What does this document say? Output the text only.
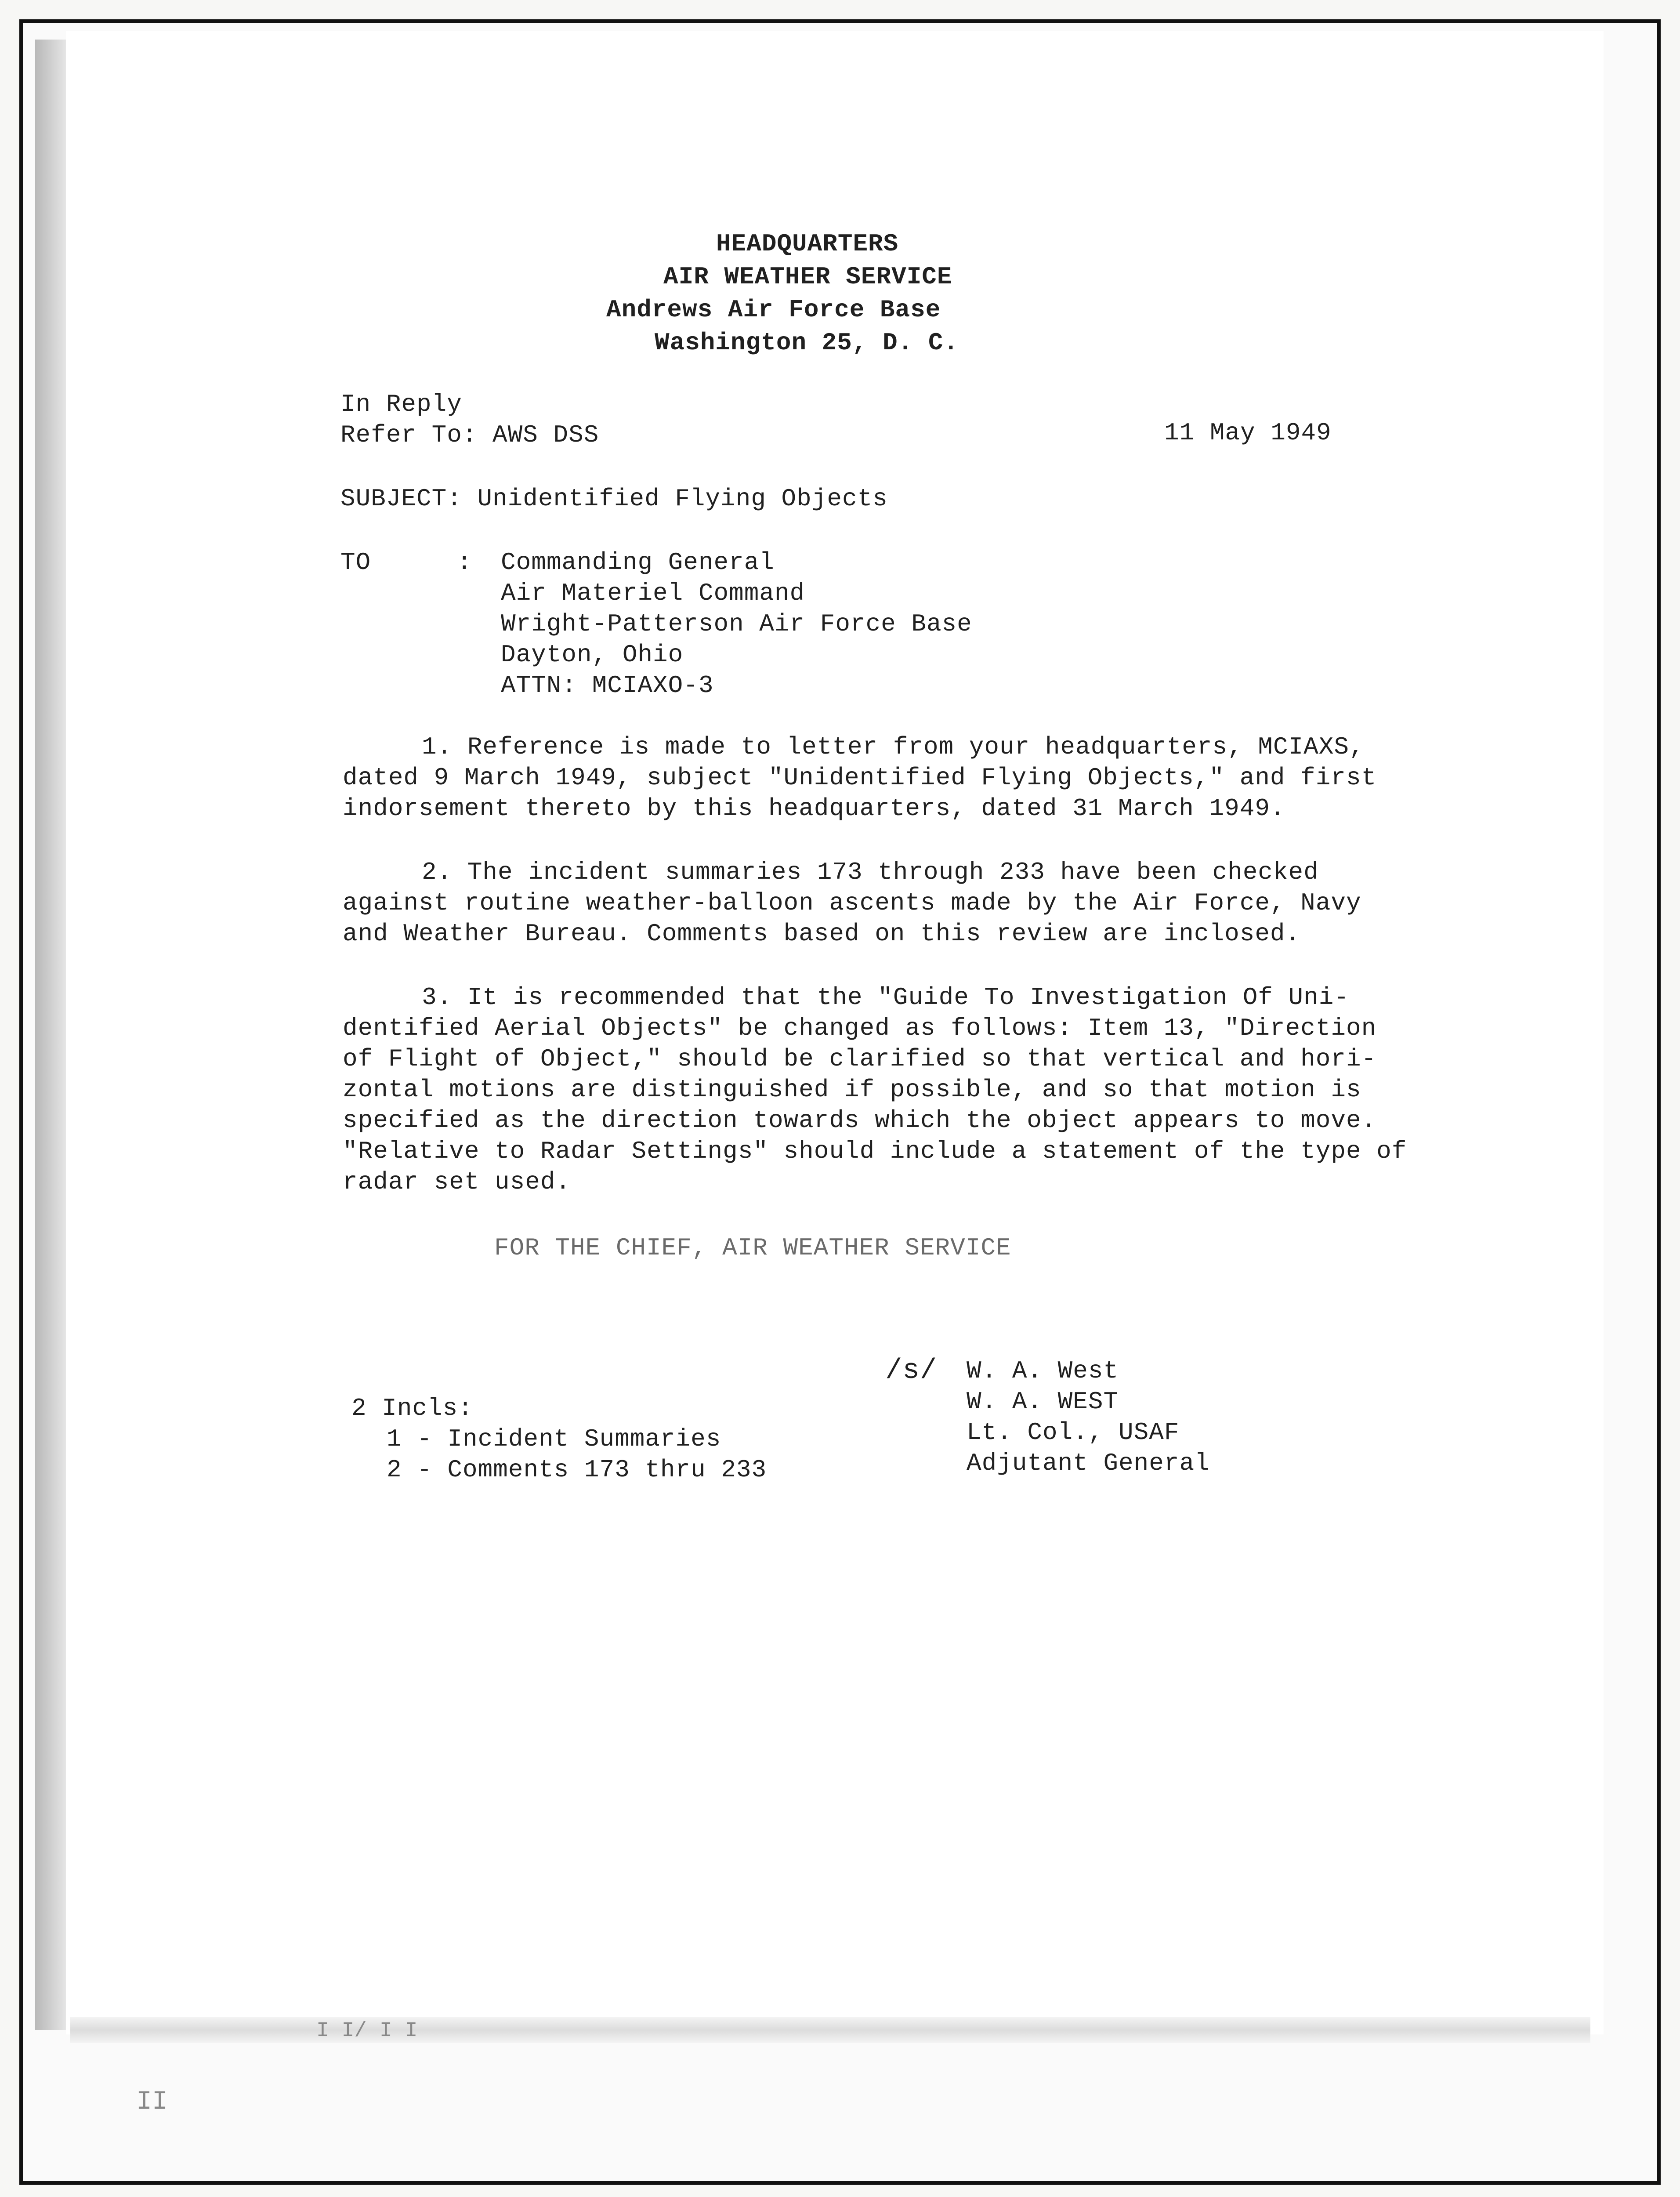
HEADQUARTERS
AIR WEATHER SERVICE
Andrews Air Force Base
Washington 25, D. C.
In Reply
Refer To: AWS DSS	11 May 1949
SUBJECT: Unidentified Flying Objects
TO	: Commanding General
Air Materiel Command
Wright-Patterson Air Force Base
Dayton, Ohio
ATTN: MCIAXO-3
1. Reference is made to letter from your headquarters, MCIAXS,
dated 9 March 1949, subject "Unidentified Flying Objects," and first
indorsement thereto by this headquarters, dated 31 March 1949.
2. The incident summaries 173 through 233 have been checked
against routine weather-balloon ascents made by the Air Force, Navy
and Weather Bureau. Comments based on this review are inclosed.
3. It is recommended that the "Guide To Investigation Of Uni-
dentified Aerial Objects" be changed as follows: Item 13, "Direction
of Flight of Object," should be clarified so that vertical and hori-
zontal motions are distinguished if possible, and so that motion is
specified as the direction towards which the object appears to move.
"Relative to Radar Settings" should include a statement of the type of
radar set used.
FOR THE CHIEF, AIR WEATHER SERVICE
/s/ W. A. West
W. A. WEST
Lt. Col., USAF
Adjutant General
2 Incls:
1 - Incident Summaries
2 - Comments 173 thru 233
II
I I/ I I
